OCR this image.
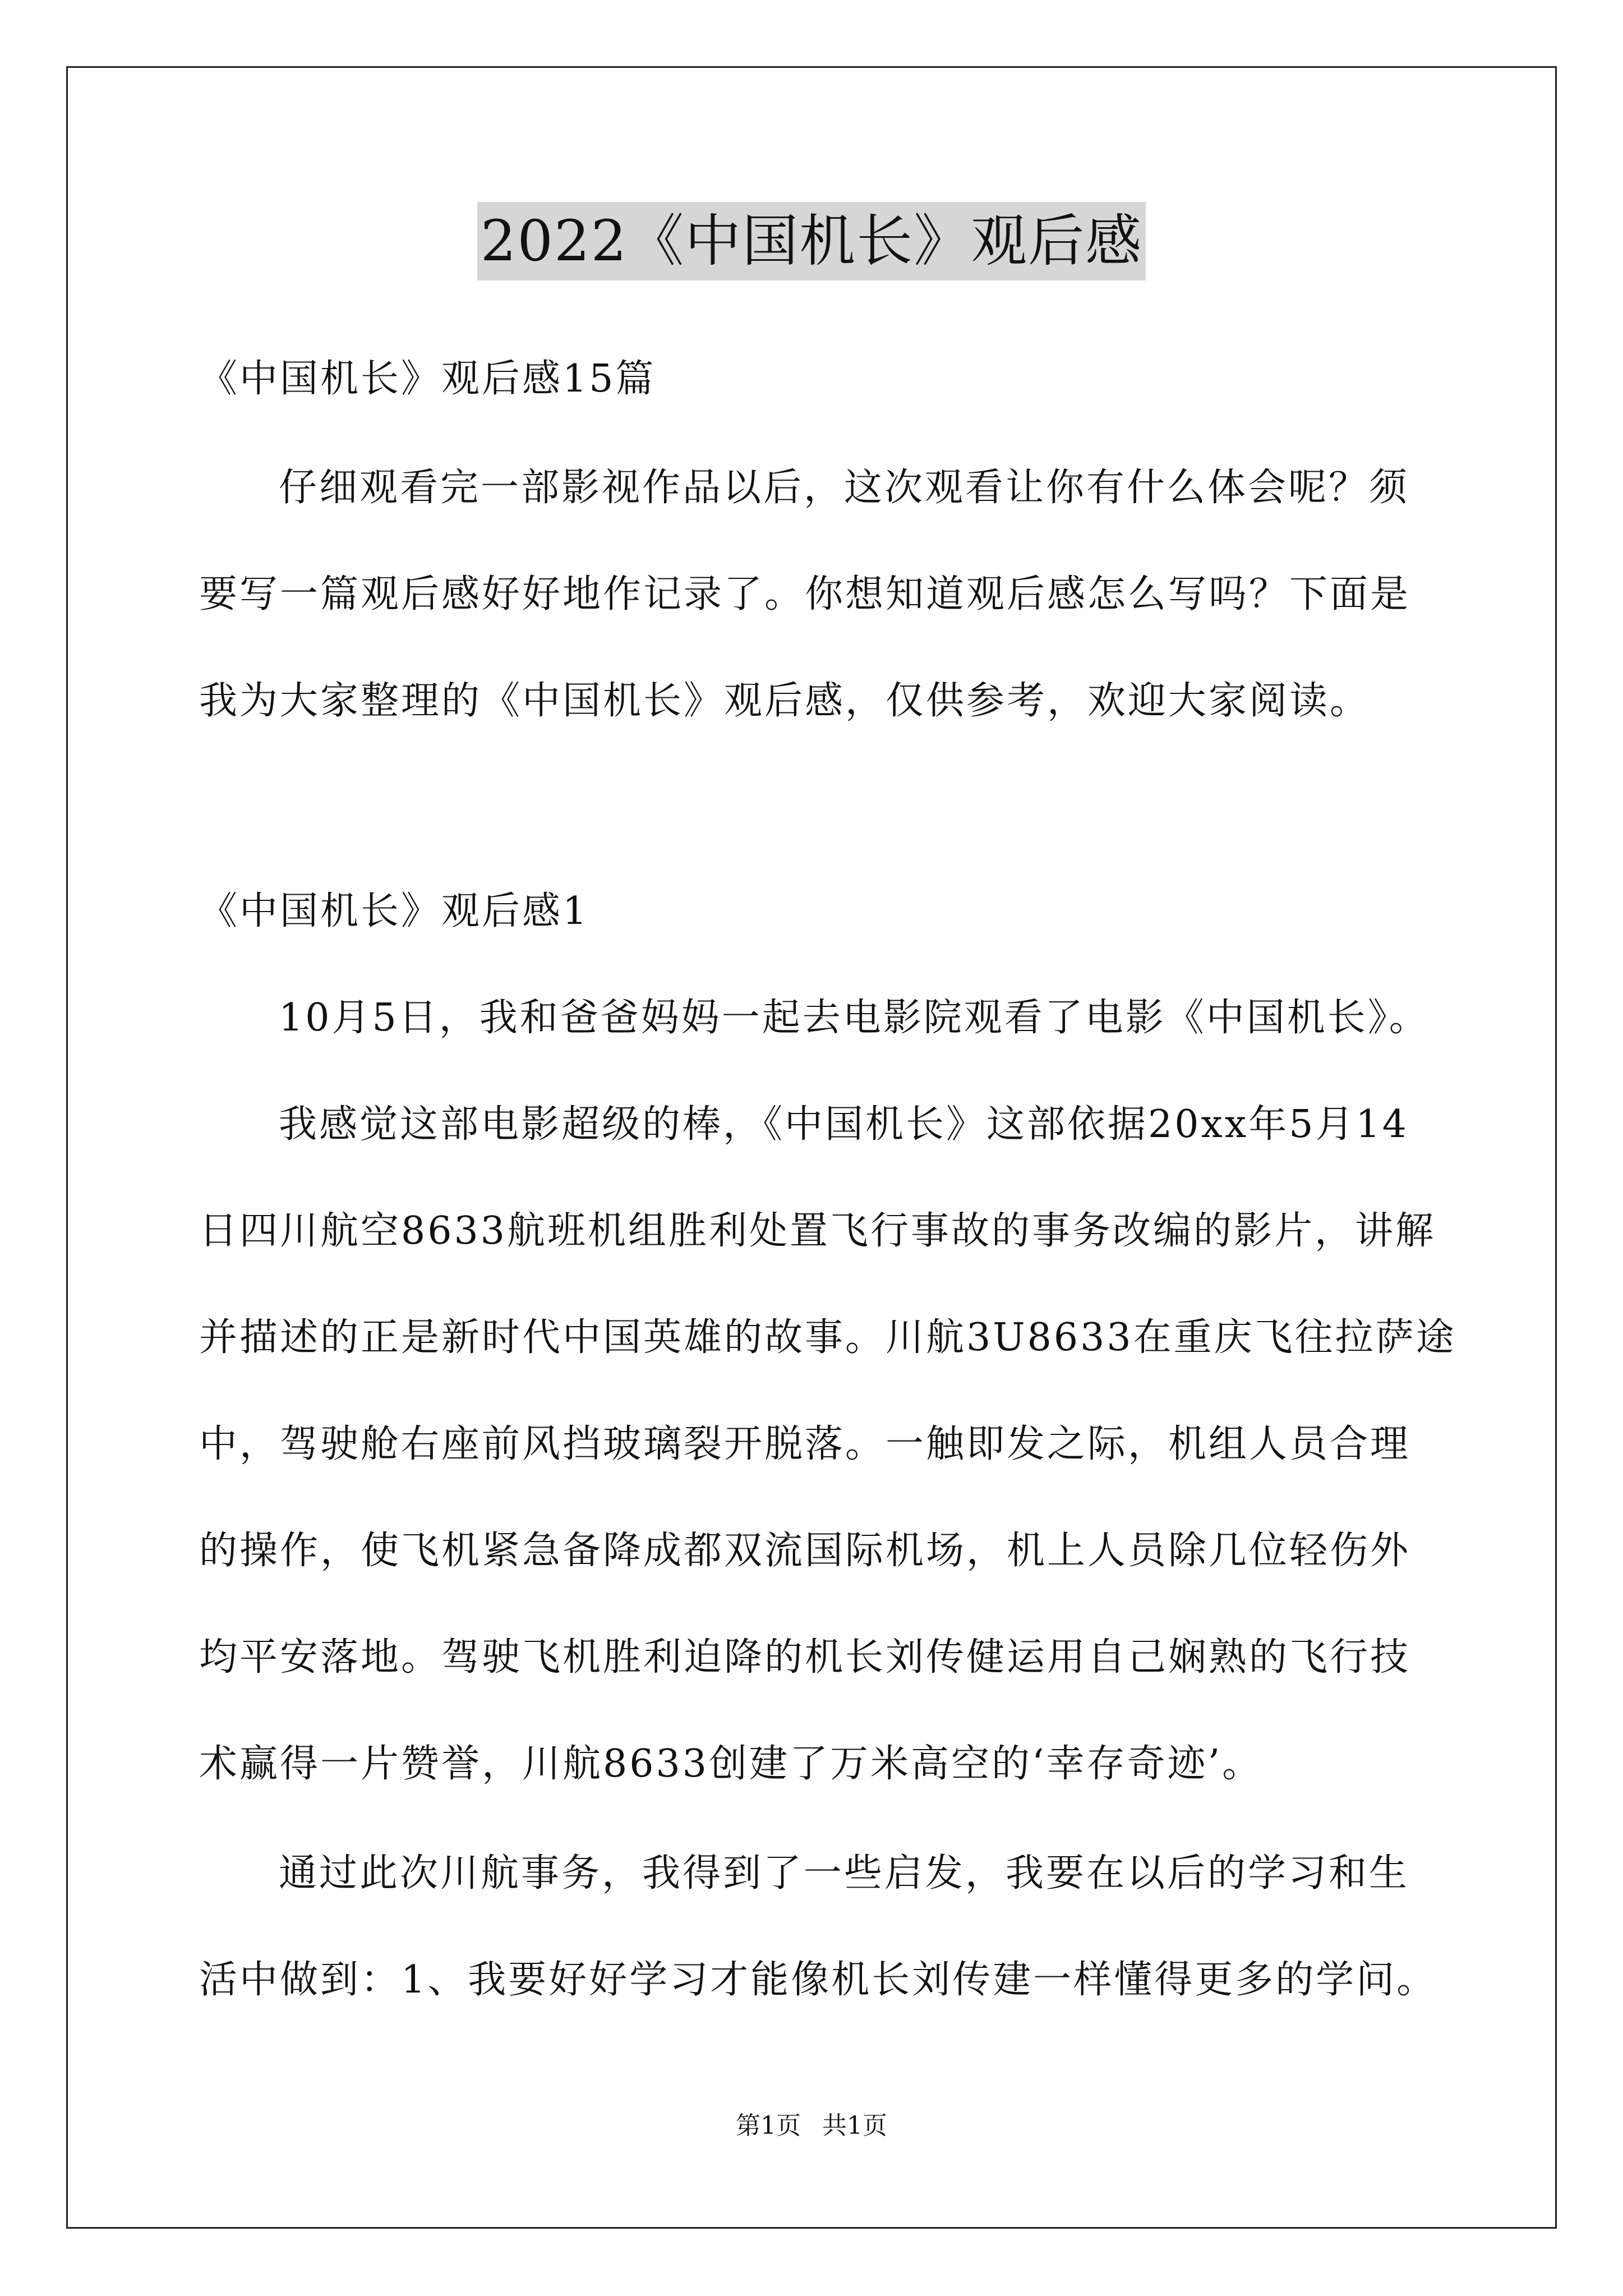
2022《中国机长》观后感
《中国机长》观后感15篇
仔细观看完一部影视作品以后，这次观看让你有什么体会呢？须
要写一篇观后感好好地作记录了。你想知道观后感怎么写吗？下面是
我为大家整理的《中国机长》观后感，仅供参考，欢迎大家阅读。
《中国机长》观后感1
10月5日，我和爸爸妈妈一起去电影院观看了电影《中国机长》。
我感觉这部电影超级的棒，《中国机长》这部依据20xx年5月14
日四川航空8633航班机组胜利处置飞行事故的事务改编的影片，讲解
并描述的正是新时代中国英雄的故事。川航3U8633在重庆飞往拉萨途
中，驾驶舱右座前风挡玻璃裂开脱落。一触即发之际，机组人员合理
的操作，使飞机紧急备降成都双流国际机场，机上人员除几位轻伤外
均平安落地。驾驶飞机胜利迫降的机长刘传健运用自己娴熟的飞行技
术赢得一片赞誉，川航8633创建了万米高空的‘幸存奇迹’。
通过此次川航事务，我得到了一些启发，我要在以后的学习和生
活中做到：1、我要好好学习才能像机长刘传建一样懂得更多的学问。
第1页 共1页
